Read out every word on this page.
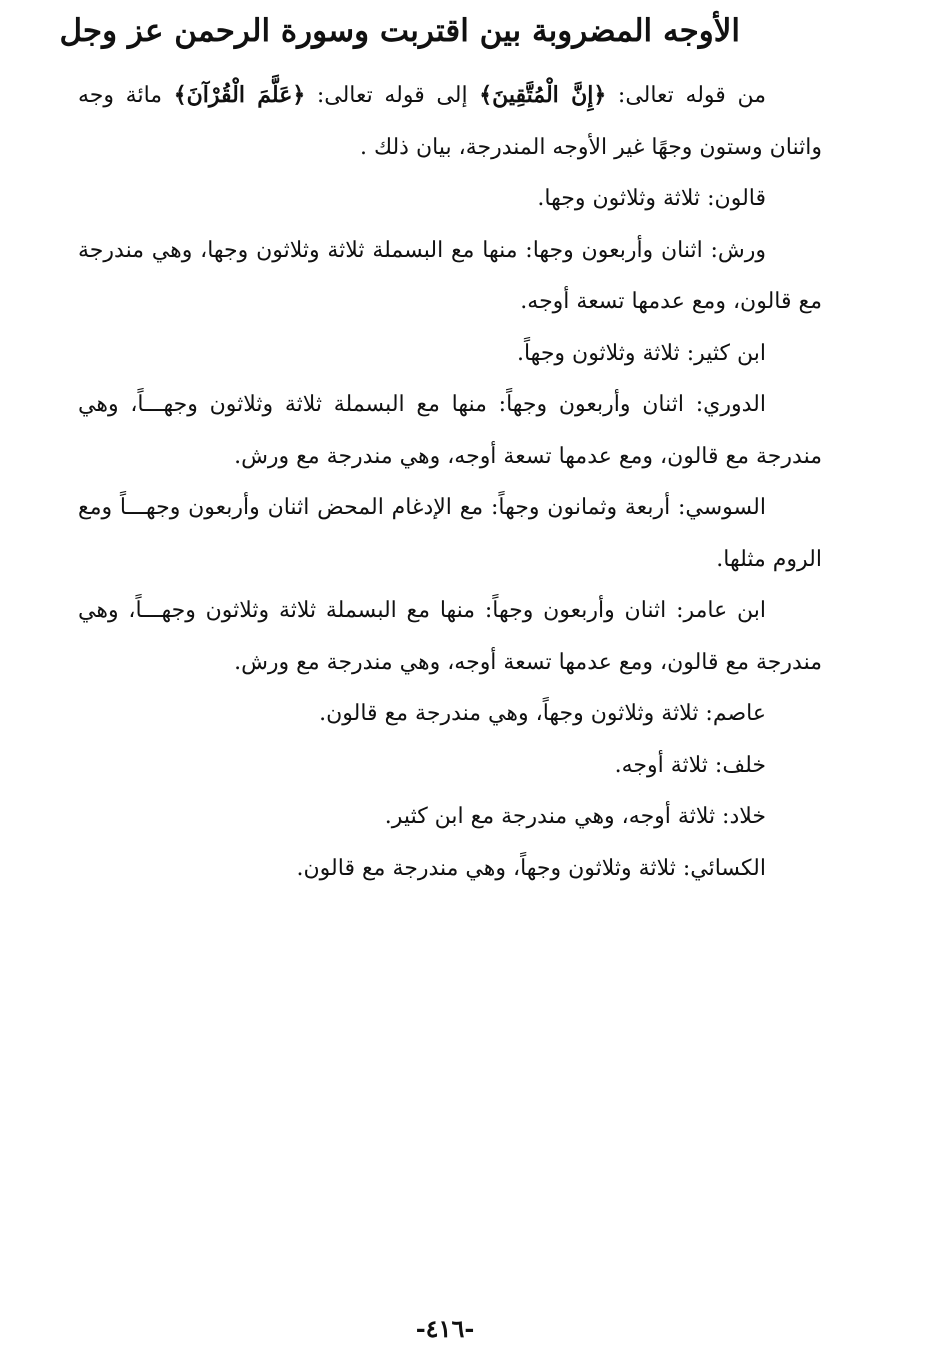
الأوجه المضروبة بين اقتربت وسورة الرحمن عز وجل

من قوله تعالى: ﴿إِنَّ الْمُتَّقِينَ﴾ إلى قوله تعالى: ﴿عَلَّمَ الْقُرْآنَ﴾ مائة وجه واثنان وستون وجهًا غير الأوجه المندرجة، بيان ذلك .

قالون: ثلاثة وثلاثون وجها.

ورش: اثنان وأربعون وجها: منها مع البسملة ثلاثة وثلاثون وجها، وهي مندرجة مع قالون، ومع عدمها تسعة أوجه.

ابن كثير: ثلاثة وثلاثون وجهاً.

الدوري: اثنان وأربعون وجهاً: منها مع البسملة ثلاثة وثلاثون وجهـــاً، وهي مندرجة مع قالون، ومع عدمها تسعة أوجه، وهي مندرجة مع ورش.

السوسي: أربعة وثمانون وجهاً: مع الإدغام المحض اثنان وأربعون وجهـــاً ومع الروم مثلها.

ابن عامر: اثنان وأربعون وجهاً: منها مع البسملة ثلاثة وثلاثون وجهـــاً، وهي مندرجة مع قالون، ومع عدمها تسعة أوجه، وهي مندرجة مع ورش.

عاصم: ثلاثة وثلاثون وجهاً، وهي مندرجة مع قالون.

خلف: ثلاثة أوجه.

خلاد: ثلاثة أوجه، وهي مندرجة مع ابن كثير.

الكسائي: ثلاثة وثلاثون وجهاً، وهي مندرجة مع قالون.

-٤١٦-
